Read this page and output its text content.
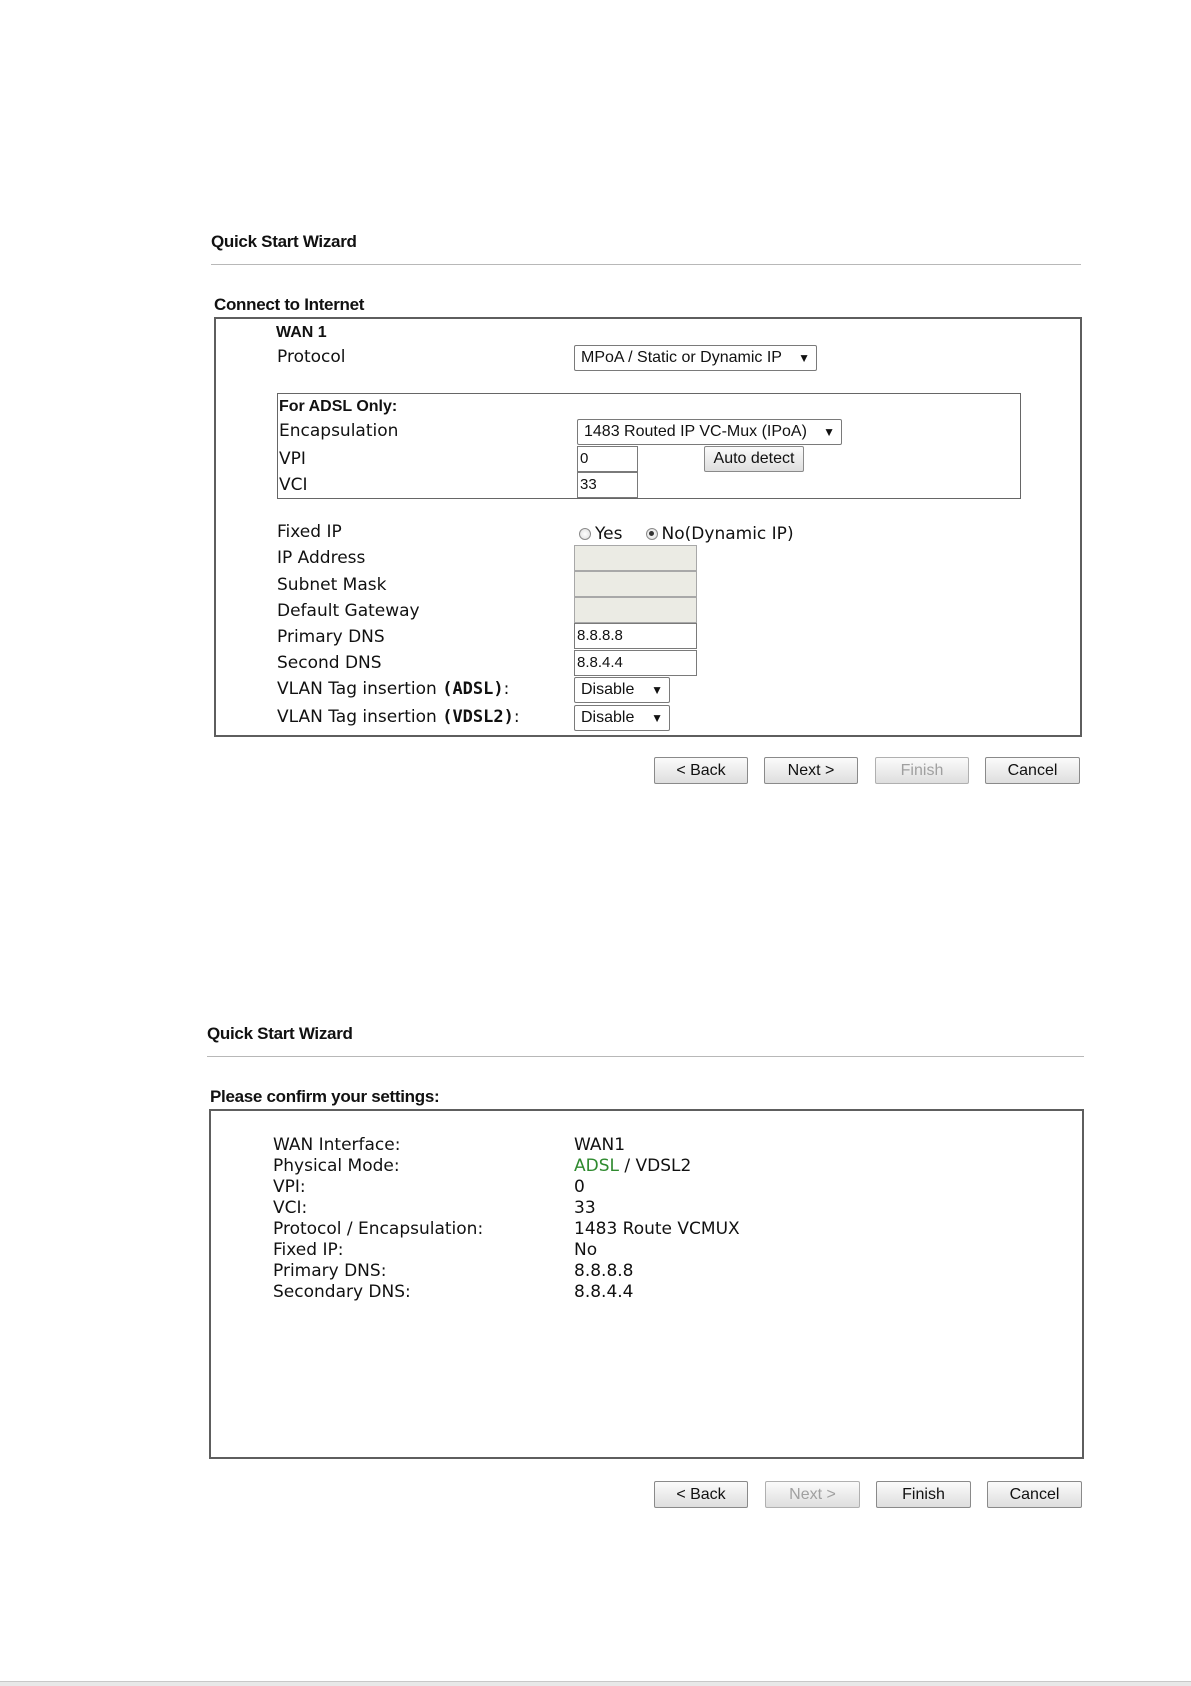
Quick Start Wizard
Connect to Internet
WAN 1
Protocol	MPoA / Static or Dynamic IP	▼
For ADSL Only:
Encapsulation	1483 Routed IP VC-Mux (IPoA)	▼
VPI	0	Auto detect
VCI	33
Fixed IP	Yes No(Dynamic IP)
IP Address
Subnet Mask
Default Gateway
Primary DNS	8.8.8.8
Second DNS	8.8.4.4
VLAN Tag insertion (ADSL):	Disable	▼
VLAN Tag insertion (VDSL2):	Disable	▼
< Back	Next >	Finish	Cancel
Quick Start Wizard
Please confirm your settings:
WAN Interface:	WAN1
Physical Mode:	ADSL / VDSL2
VPI:	0
VCI:	33
Protocol / Encapsulation:	1483 Route VCMUX
Fixed IP:	No
Primary DNS:	8.8.8.8
Secondary DNS:	8.8.4.4
< Back	Next >	Finish	Cancel
